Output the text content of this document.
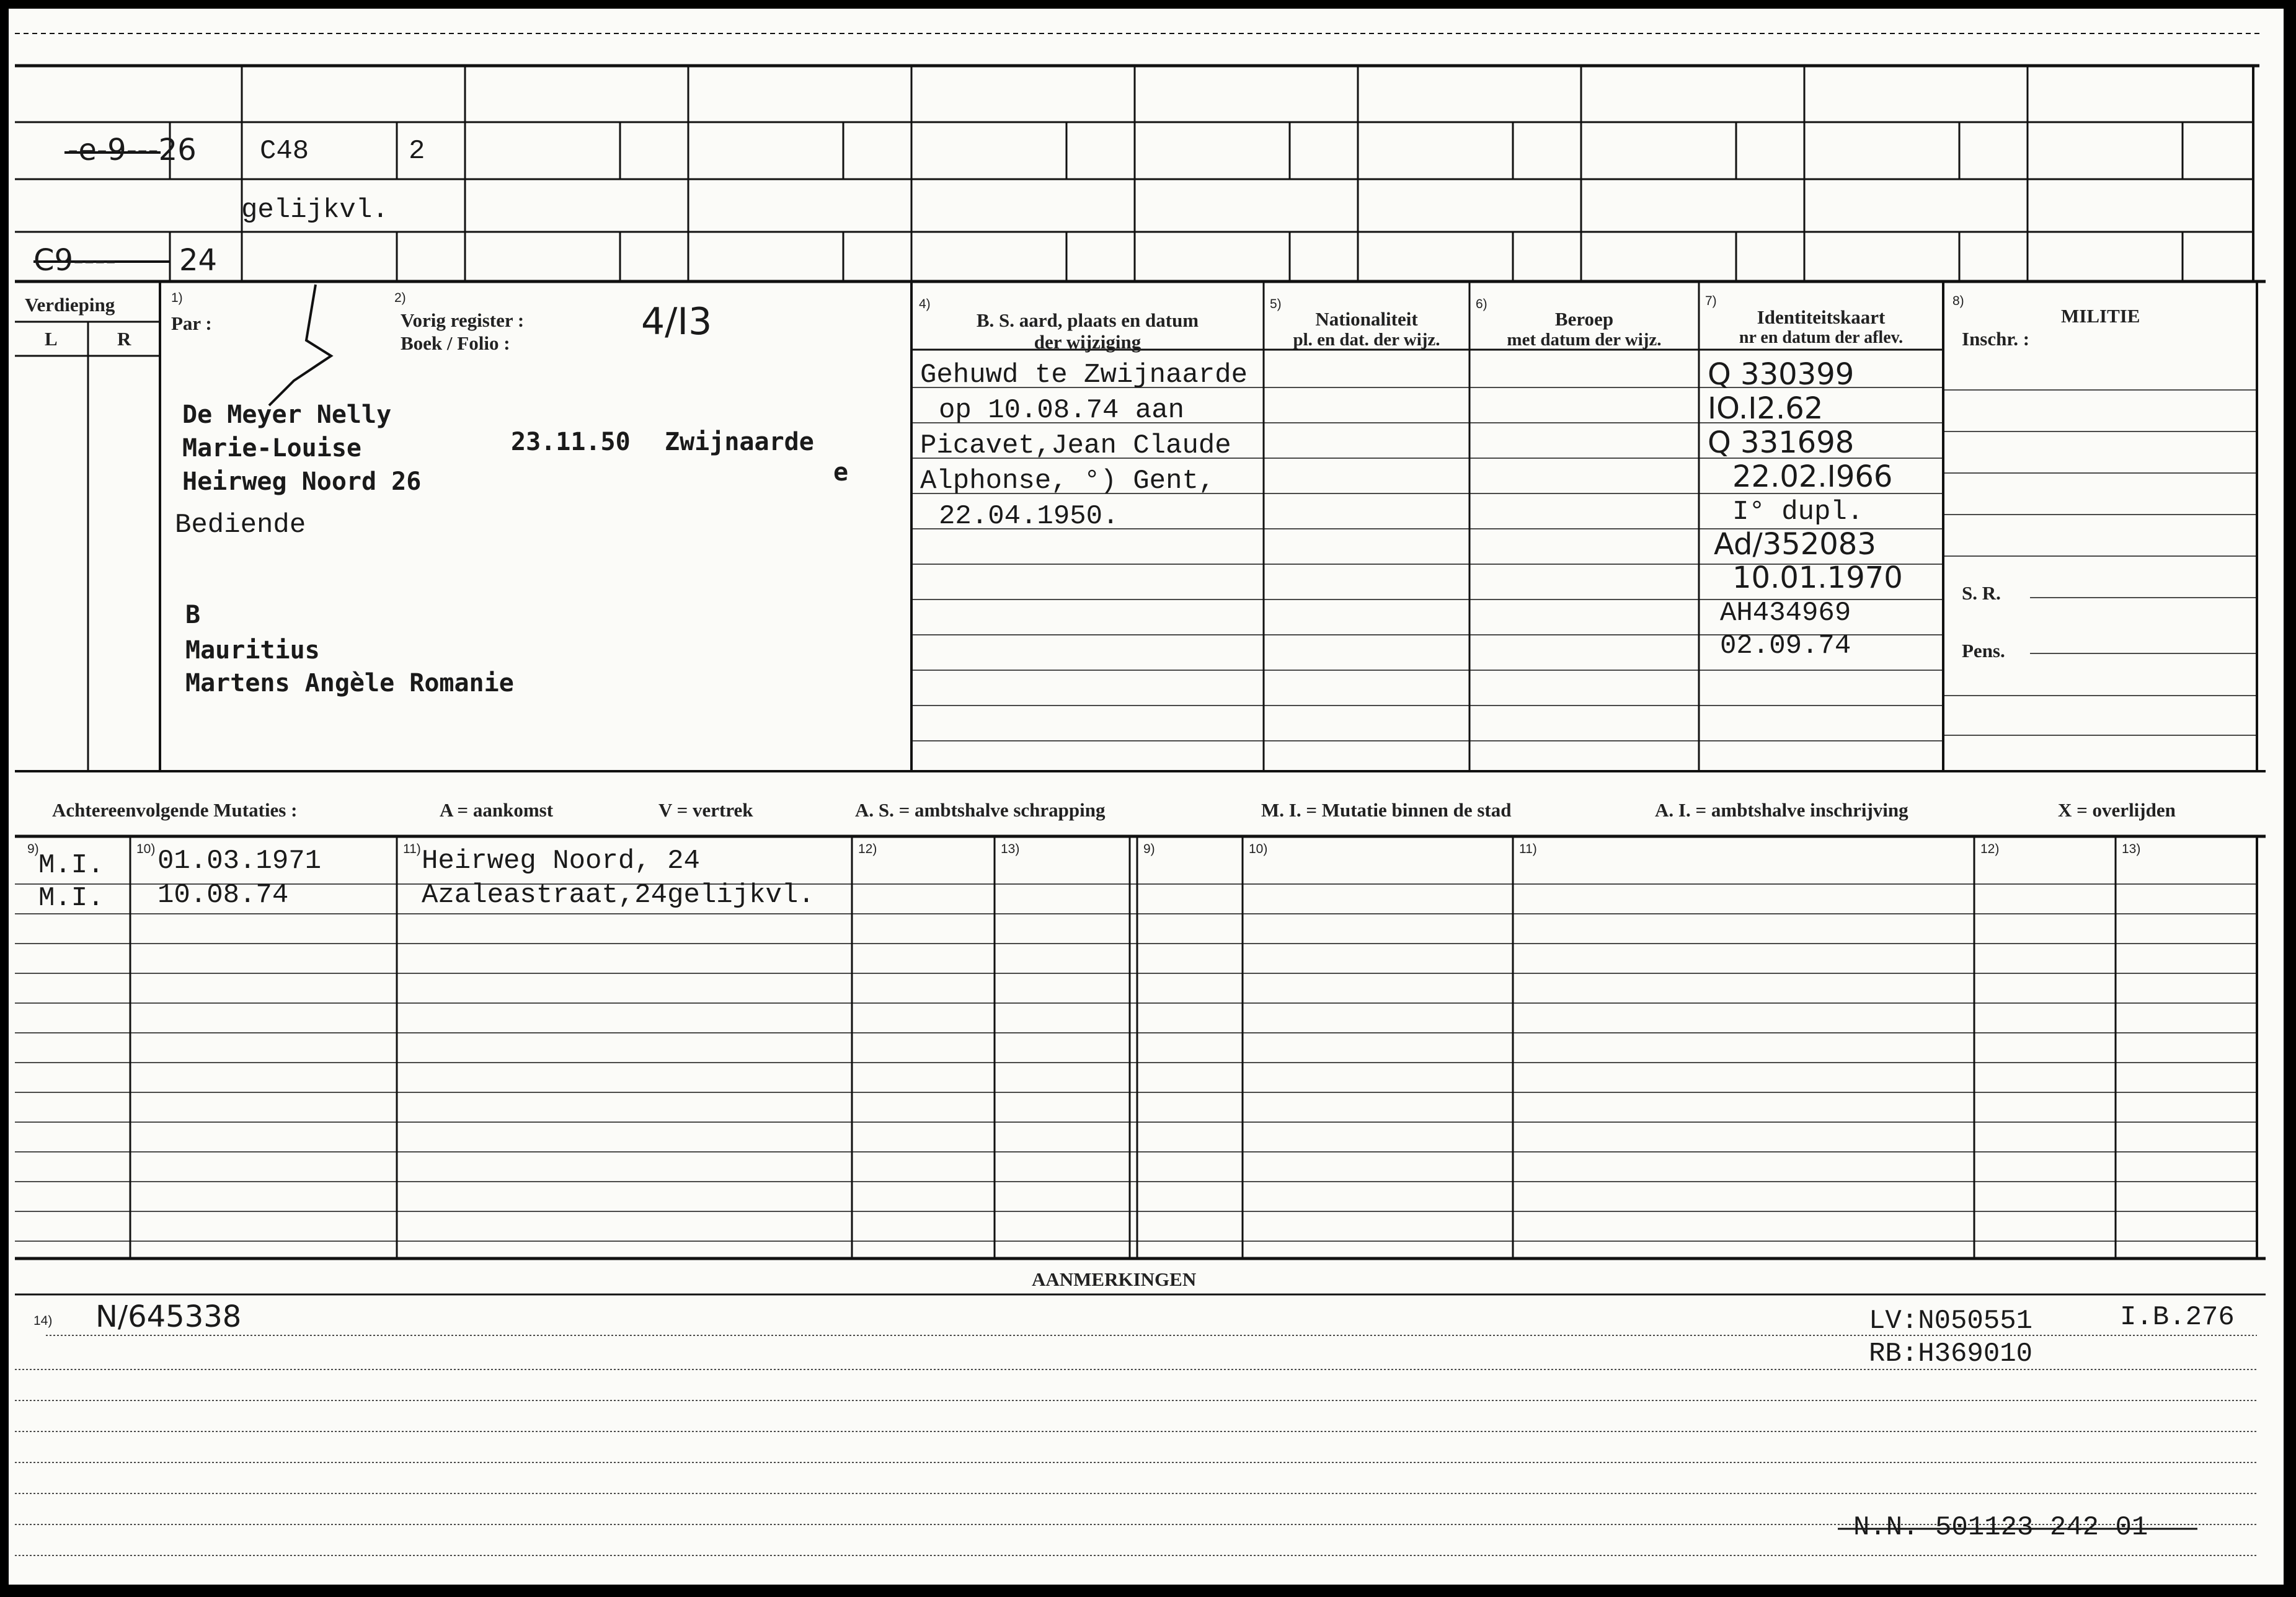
-e-9---26 C48	2
gelijkvl.
C9---- 24
Verdieping
L	R
1)
Par :
2)
Vorig register :
Boek / Folio :	4/I3	4)
B. S. aard, plaats en datum
der wijziging
5)
Nationaliteit
pl. en dat. der wijz.
6)
Beroep
met datum der wijz.
7)
Identiteitskaart
nr en datum der aflev.
8)
MILITIE
Inschr. :
S. R.
Pens.
De Meyer Nelly
Marie-Louise	23.11.50 Zwijnaarde
Heirweg Noord 26	e
Bediende
B
Mauritius
Martens Angèle Romanie
Gehuwd te Zwijnaarde
op 10.08.74 aan
Picavet,Jean Claude
Alphonse, °) Gent,
22.04.1950.
Q 330399
IO.I2.62
Q 331698
22.02.I966
I° dupl.
Ad/352083
10.01.1970
AH434969
02.09.74
Achtereenvolgende Mutaties :	A = aankomst	V = vertrek	A. S. = ambtshalve schrapping	M. I. = Mutatie binnen de stad	A. I. = ambtshalve inschrijving	X = overlijden
9)	10)	11)	12)	13)	9)	10)	11)	12)	13)
M.I. 01.03.1971	Heirweg Noord, 24
M.I. 10.08.74	Azaleastraat,24gelijkvl.
AANMERKINGEN
14) N/645338	LV:N050551
RB:H369010
I.B.276
N.N. 501123 242 01
